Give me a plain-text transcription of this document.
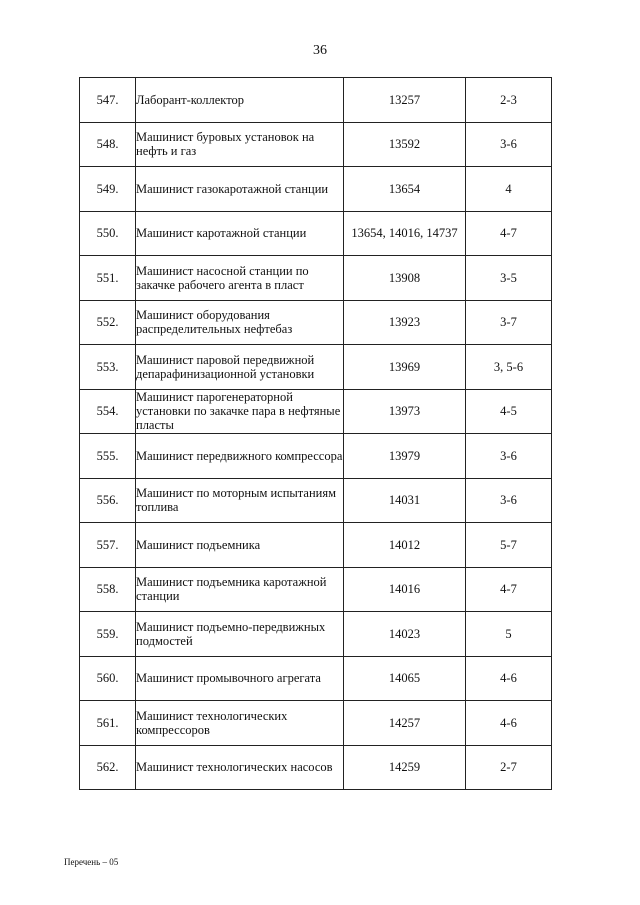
36
547.	Лаборант-коллектор	13257	2-3
548.	Машинист буровых установок на нефть и газ	13592	3-6
549.	Машинист газокаротажной станции	13654	4
550.	Машинист каротажной станции	13654, 14016, 14737	4-7
551.	Машинист насосной станции по закачке рабочего агента в пласт	13908	3-5
552.	Машинист оборудования распределительных нефтебаз	13923	3-7
553.	Машинист паровой передвижной депарафинизационной установки	13969	3, 5-6
554.	Машинист парогенераторной установки по закачке пара в нефтяные пласты	13973	4-5
555.	Машинист передвижного компрессора	13979	3-6
556.	Машинист по моторным испытаниям топлива	14031	3-6
557.	Машинист подъемника	14012	5-7
558.	Машинист подъемника каротажной станции	14016	4-7
559.	Машинист подъемно-передвижных подмостей	14023	5
560.	Машинист промывочного агрегата	14065	4-6
561.	Машинист технологических компрессоров	14257	4-6
562.	Машинист технологических насосов	14259	2-7
Перечень – 05
